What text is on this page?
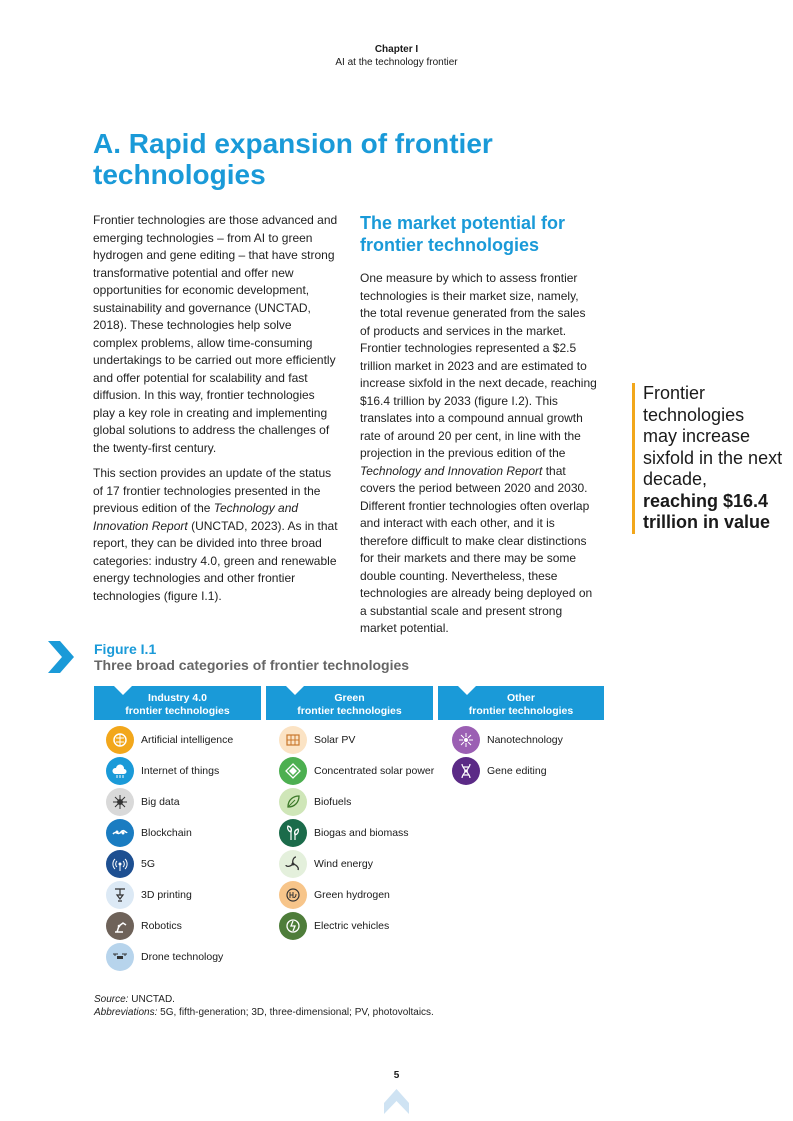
Chapter I
AI at the technology frontier
A. Rapid expansion of frontier technologies

Frontier technologies are those advanced and emerging technologies – from AI to green hydrogen and gene editing – that have strong transformative potential and offer new opportunities for economic development, sustainability and governance (UNCTAD, 2018). These technologies help solve complex problems, allow time-consuming undertakings to be carried out more efficiently and offer potential for scalability and fast diffusion. In this way, frontier technologies play a key role in creating and implementing global solutions to address the challenges of the twenty-first century.

This section provides an update of the status of 17 frontier technologies presented in the previous edition of the Technology and Innovation Report (UNCTAD, 2023). As in that report, they can be divided into three broad categories: industry 4.0, green and renewable energy technologies and other frontier technologies (figure I.1).

The market potential for frontier technologies

One measure by which to assess frontier technologies is their market size, namely, the total revenue generated from the sales of products and services in the market. Frontier technologies represented a $2.5 trillion market in 2023 and are estimated to increase sixfold in the next decade, reaching $16.4 trillion by 2033 (figure I.2). This translates into a compound annual growth rate of around 20 per cent, in line with the projection in the previous edition of the Technology and Innovation Report that covers the period between 2020 and 2030. Different frontier technologies often overlap and interact with each other, and it is therefore difficult to make clear distinctions for their markets and there may be some double counting. Nevertheless, these technologies are already being deployed on a substantial scale and present strong market potential.

Frontier technologies may increase sixfold in the next decade, reaching $16.4 trillion in value
Figure I.1
Three broad categories of frontier technologies
Industry 4.0
frontier technologies
Green
frontier technologies
Other
frontier technologies
Artificial intelligence
Internet of things
Big data
Blockchain
5G
3D printing
Robotics
Drone technology
Solar PV
Concentrated solar power
Biofuels
Biogas and biomass
Wind energy
Green hydrogen
Electric vehicles
Nanotechnology
Gene editing
Source: UNCTAD.
Abbreviations: 5G, fifth-generation; 3D, three-dimensional; PV, photovoltaics.
5
